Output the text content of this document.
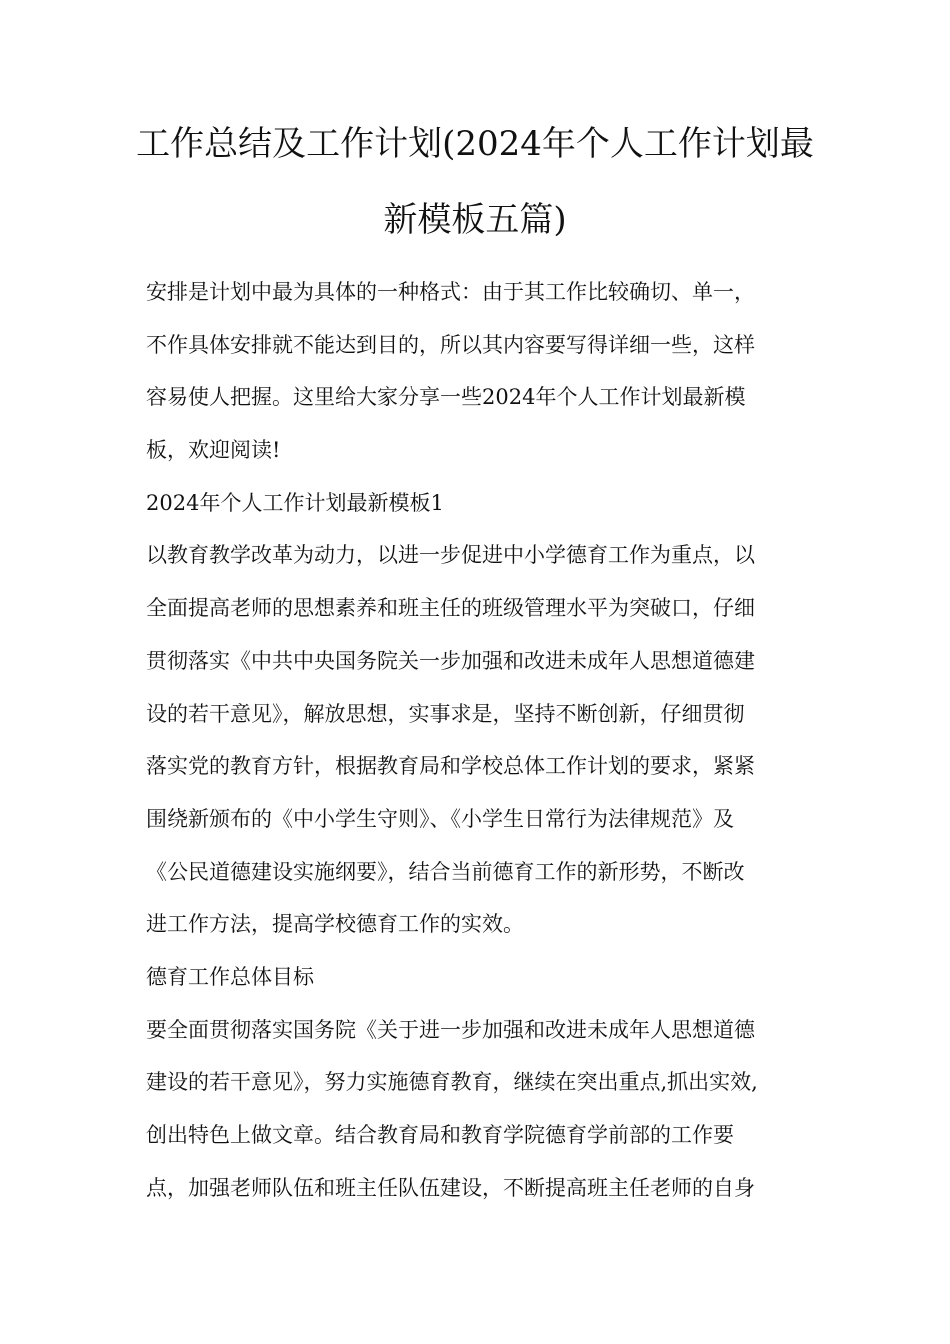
工作总结及工作计划(2024年个人工作计划最
新模板五篇)
安排是计划中最为具体的一种格式：由于其工作比较确切、单一，
不作具体安排就不能达到目的，所以其内容要写得详细一些，这样
容易使人把握。这里给大家分享一些2024年个人工作计划最新模
板，欢迎阅读!
2024年个人工作计划最新模板1
以教育教学改革为动力，以进一步促进中小学德育工作为重点，以
全面提高老师的思想素养和班主任的班级管理水平为突破口，仔细
贯彻落实《中共中央国务院关一步加强和改进未成年人思想道德建
设的若干意见》，解放思想，实事求是，坚持不断创新，仔细贯彻
落实党的教育方针，根据教育局和学校总体工作计划的要求，紧紧
围绕新颁布的《中小学生守则》、《小学生日常行为法律规范》及
《公民道德建设实施纲要》，结合当前德育工作的新形势，不断改
进工作方法，提高学校德育工作的实效。
德育工作总体目标
要全面贯彻落实国务院《关于进一步加强和改进未成年人思想道德
建设的若干意见》，努力实施德育教育，继续在突出重点,抓出实效,
创出特色上做文章。结合教育局和教育学院德育学前部的工作要
点，加强老师队伍和班主任队伍建设，不断提高班主任老师的自身
